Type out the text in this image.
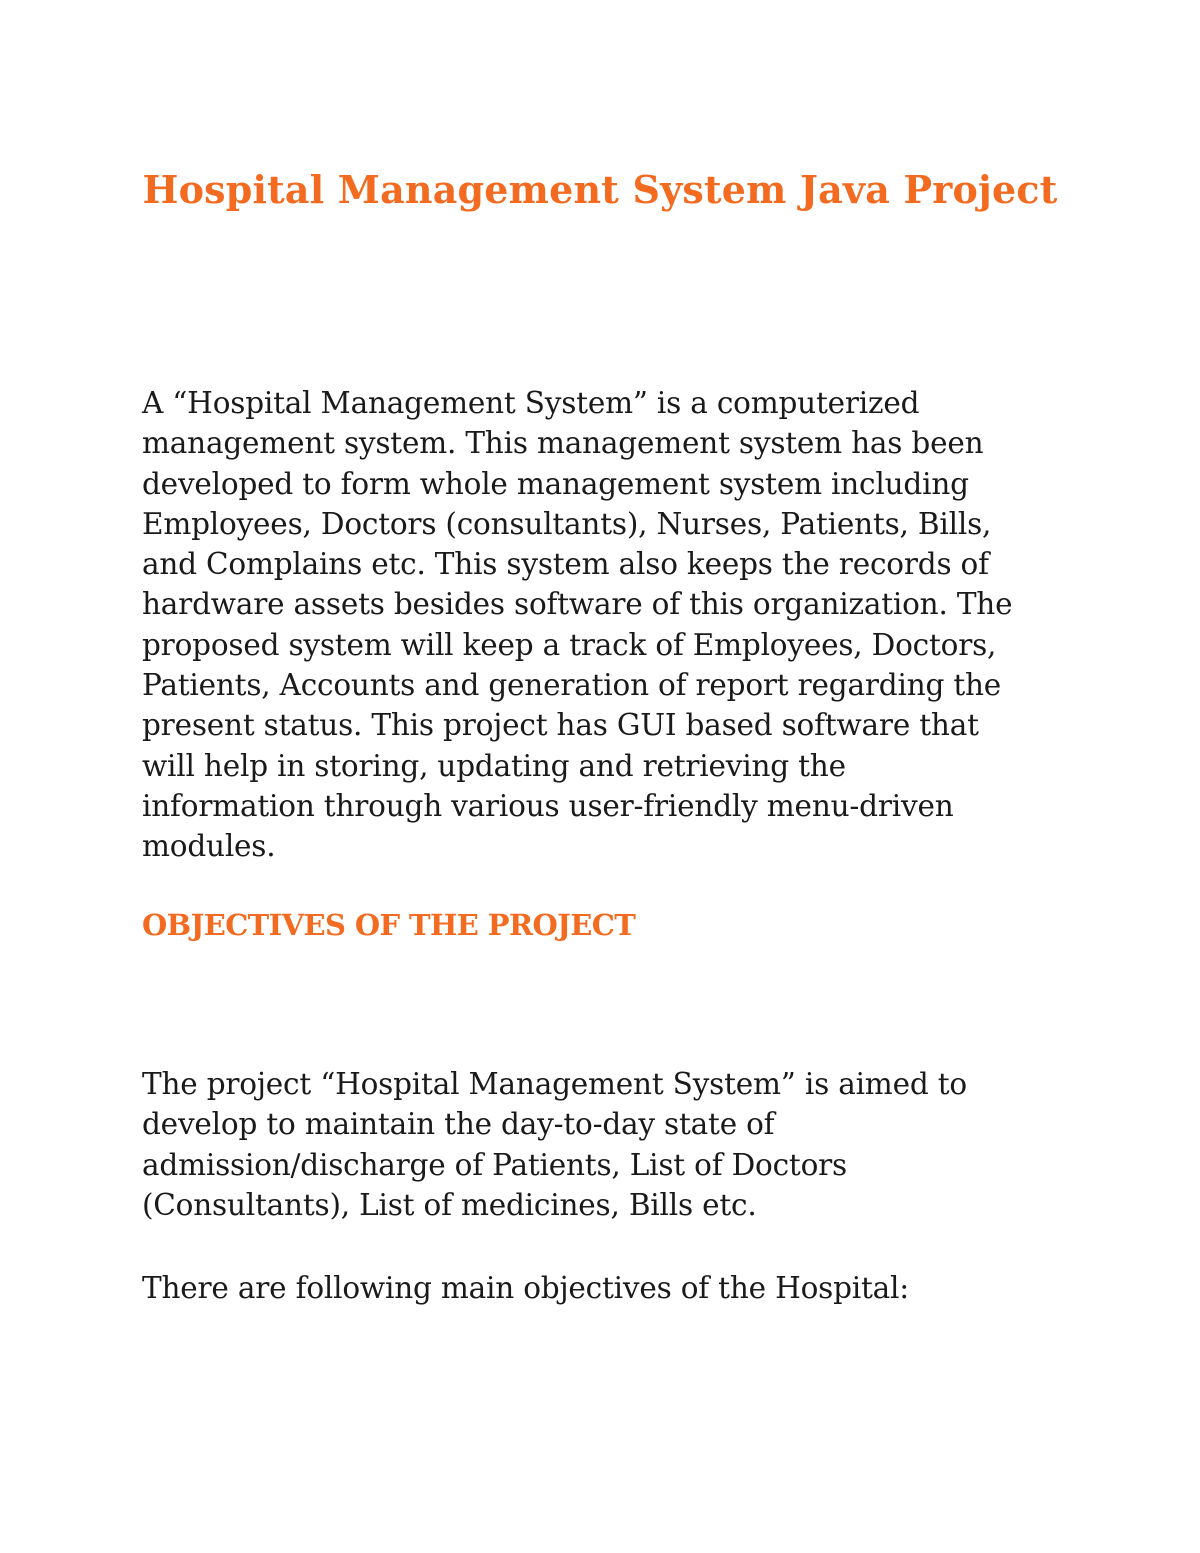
Hospital Management System Java Project

A “Hospital Management System” is a computerized
management system. This management system has been
developed to form whole management system including
Employees, Doctors (consultants), Nurses, Patients, Bills,
and Complains etc. This system also keeps the records of
hardware assets besides software of this organization. The
proposed system will keep a track of Employees, Doctors,
Patients, Accounts and generation of report regarding the
present status. This project has GUI based software that
will help in storing, updating and retrieving the
information through various user-friendly menu-driven
modules.

OBJECTIVES OF THE PROJECT

The project “Hospital Management System” is aimed to
develop to maintain the day-to-day state of
admission/discharge of Patients, List of Doctors
(Consultants), List of medicines, Bills etc.

There are following main objectives of the Hospital:
